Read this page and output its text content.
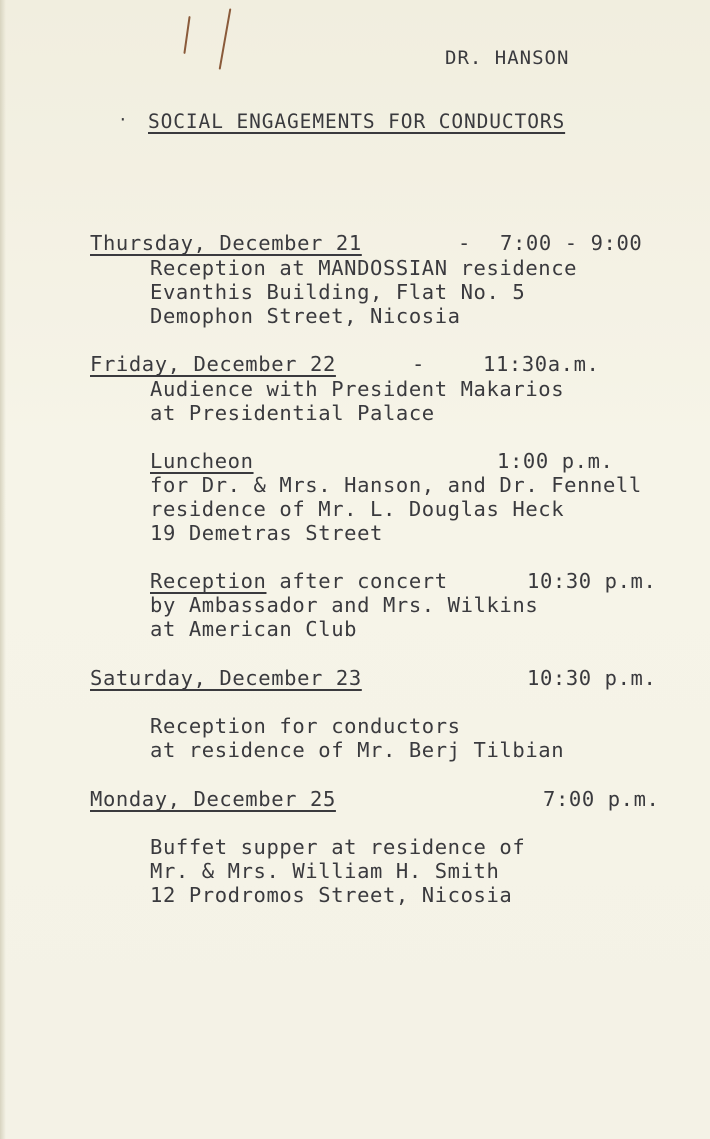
DR. HANSON
· SOCIAL ENGAGEMENTS FOR CONDUCTORS
Thursday, December 21	- 7:00 - 9:00
Reception at MANDOSSIAN residence
Evanthis Building, Flat No. 5
Demophon Street, Nicosia
Friday, December 22	-	11:30a.m.
Audience with President Makarios
at Presidential Palace
Luncheon	1:00 p.m.
for Dr. & Mrs. Hanson, and Dr. Fennell
residence of Mr. L. Douglas Heck
19 Demetras Street
Reception after concert	10:30 p.m.
by Ambassador and Mrs. Wilkins
at American Club
Saturday, December 23	10:30 p.m.
Reception for conductors
at residence of Mr. Berj Tilbian
Monday, December 25	7:00 p.m.
Buffet supper at residence of
Mr. & Mrs. William H. Smith
12 Prodromos Street, Nicosia
